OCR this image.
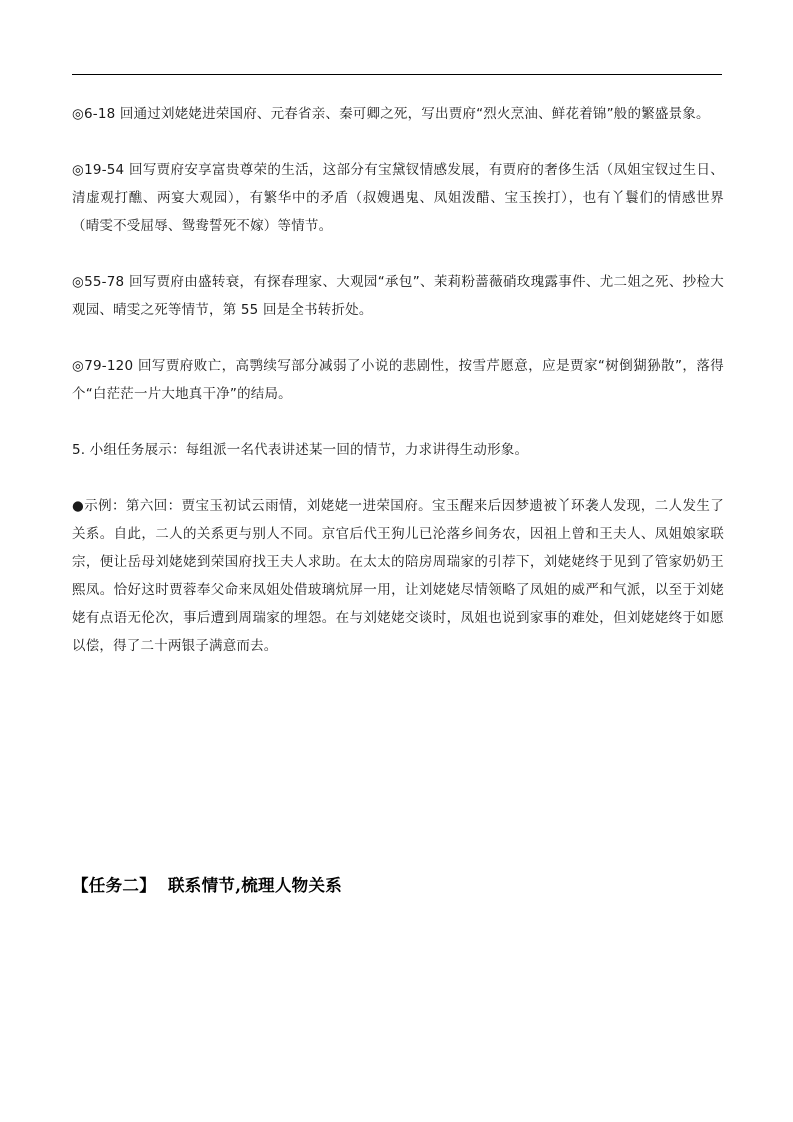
◎6-18 回通过刘姥姥进荣国府、元春省亲、秦可卿之死，写出贾府“烈火烹油、鲜花着锦”般的繁盛景象。

◎19-54 回写贾府安享富贵尊荣的生活，这部分有宝黛钗情感发展，有贾府的奢侈生活（凤姐宝钗过生日、清虚观打醮、两宴大观园），有繁华中的矛盾（叔嫂遇鬼、凤姐泼醋、宝玉挨打），也有丫鬟们的情感世界（晴雯不受屈辱、鸳鸯誓死不嫁）等情节。

◎55-78 回写贾府由盛转衰，有探春理家、大观园“承包”、茉莉粉蔷薇硝玫瑰露事件、尤二姐之死、抄检大观园、晴雯之死等情节，第 55 回是全书转折处。

◎79-120 回写贾府败亡，高鹗续写部分减弱了小说的悲剧性，按雪芹愿意，应是贾家“树倒猢狲散”，落得个“白茫茫一片大地真干净”的结局。

5. 小组任务展示：每组派一名代表讲述某一回的情节，力求讲得生动形象。

●示例：第六回：贾宝玉初试云雨情，刘姥姥一进荣国府。宝玉醒来后因梦遗被丫环袭人发现，二人发生了关系。自此，二人的关系更与别人不同。京官后代王狗儿已沦落乡间务农，因祖上曾和王夫人、凤姐娘家联宗，便让岳母刘姥姥到荣国府找王夫人求助。在太太的陪房周瑞家的引荐下，刘姥姥终于见到了管家奶奶王熙凤。恰好这时贾蓉奉父命来凤姐处借玻璃炕屏一用，让刘姥姥尽情领略了凤姐的威严和气派，以至于刘姥姥有点语无伦次，事后遭到周瑞家的埋怨。在与刘姥姥交谈时，凤姐也说到家事的难处，但刘姥姥终于如愿以偿，得了二十两银子满意而去。

【任务二】 联系情节,梳理人物关系
